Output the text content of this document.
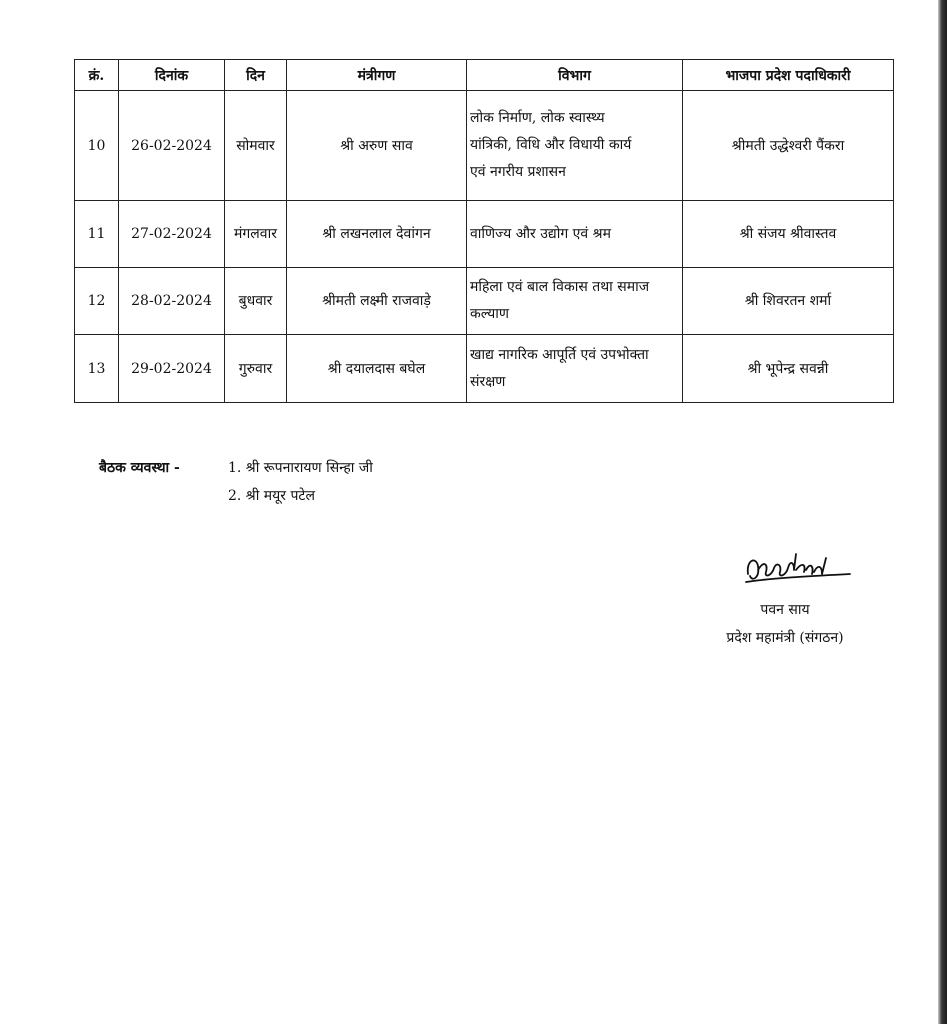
क्रं.	दिनांक	दिन	मंत्रीगण	विभाग	भाजपा प्रदेश पदाधिकारी
10	26-02-2024	सोमवार	श्री अरुण साव	लोक निर्माण, लोक स्वास्थ्य
यांत्रिकी, विधि और विधायी कार्य
एवं नगरीय प्रशासन	श्रीमती उद्धेश्वरी पैंकरा
11	27-02-2024	मंगलवार	श्री लखनलाल देवांगन	वाणिज्य और उद्योग एवं श्रम	श्री संजय श्रीवास्तव
12	28-02-2024	बुधवार	श्रीमती लक्ष्मी राजवाड़े	महिला एवं बाल विकास तथा समाज
कल्याण	श्री शिवरतन शर्मा
13	29-02-2024	गुरुवार	श्री दयालदास बघेल	खाद्य नागरिक आपूर्ति एवं उपभोक्ता
संरक्षण	श्री भूपेन्द्र सवन्नी
बैठक व्यवस्था -	1. श्री रूपनारायण सिन्हा जी
2. श्री मयूर पटेल
पवन साय
प्रदेश महामंत्री (संगठन)
